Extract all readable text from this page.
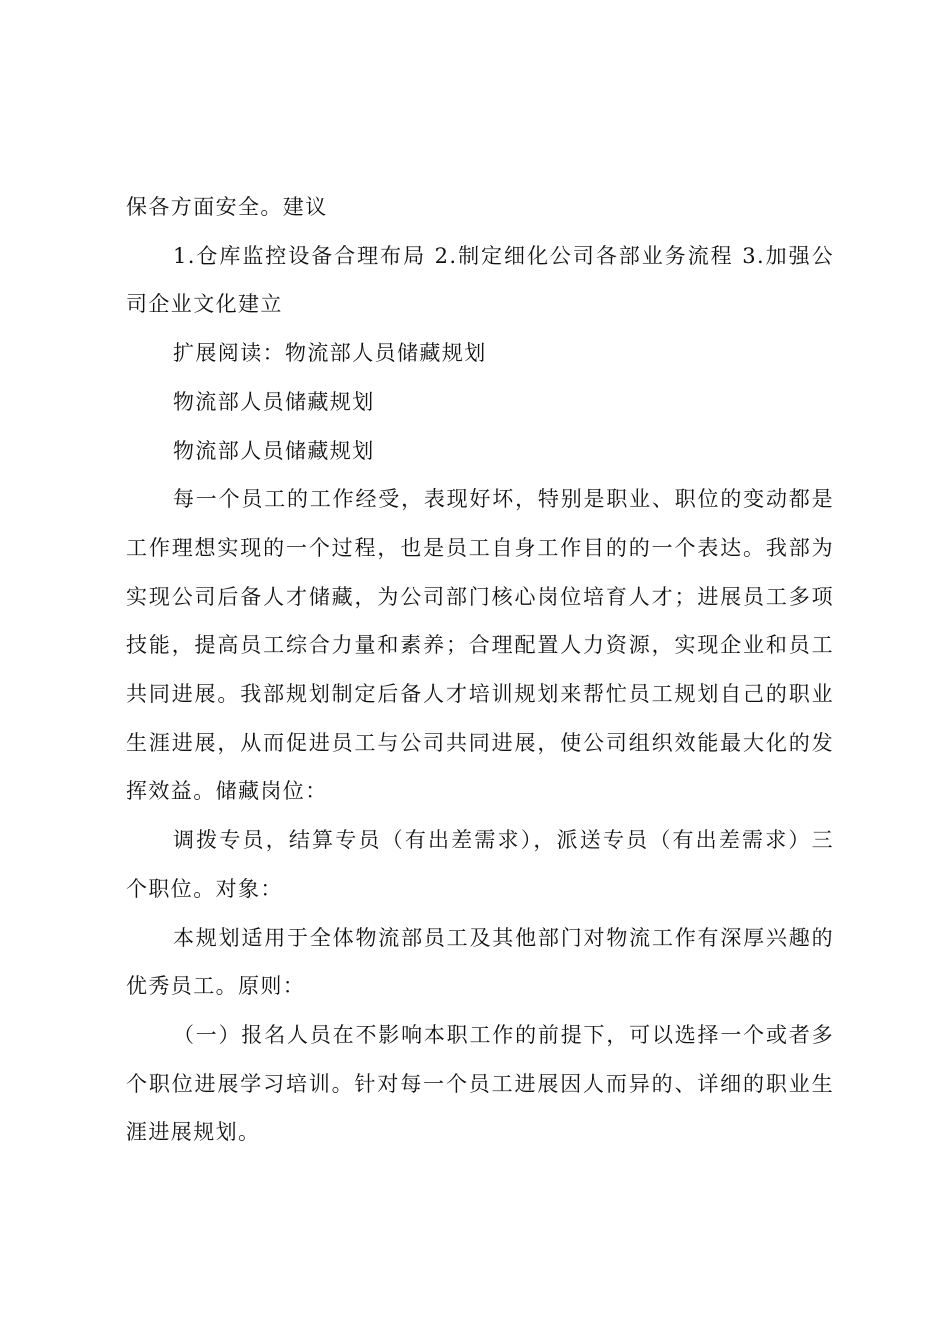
保各方面安全。建议

1.仓库监控设备合理布局 2.制定细化公司各部业务流程 3.加强公司企业文化建立

扩展阅读：物流部人员储藏规划

物流部人员储藏规划

物流部人员储藏规划

每一个员工的工作经受，表现好坏，特别是职业、职位的变动都是工作理想实现的一个过程，也是员工自身工作目的的一个表达。我部为实现公司后备人才储藏，为公司部门核心岗位培育人才；进展员工多项技能，提高员工综合力量和素养；合理配置人力资源，实现企业和员工共同进展。我部规划制定后备人才培训规划来帮忙员工规划自己的职业生涯进展，从而促进员工与公司共同进展，使公司组织效能最大化的发挥效益。储藏岗位：

调拨专员，结算专员（有出差需求），派送专员（有出差需求）三个职位。对象：

本规划适用于全体物流部员工及其他部门对物流工作有深厚兴趣的优秀员工。原则：

（一）报名人员在不影响本职工作的前提下，可以选择一个或者多个职位进展学习培训。针对每一个员工进展因人而异的、详细的职业生涯进展规划。
